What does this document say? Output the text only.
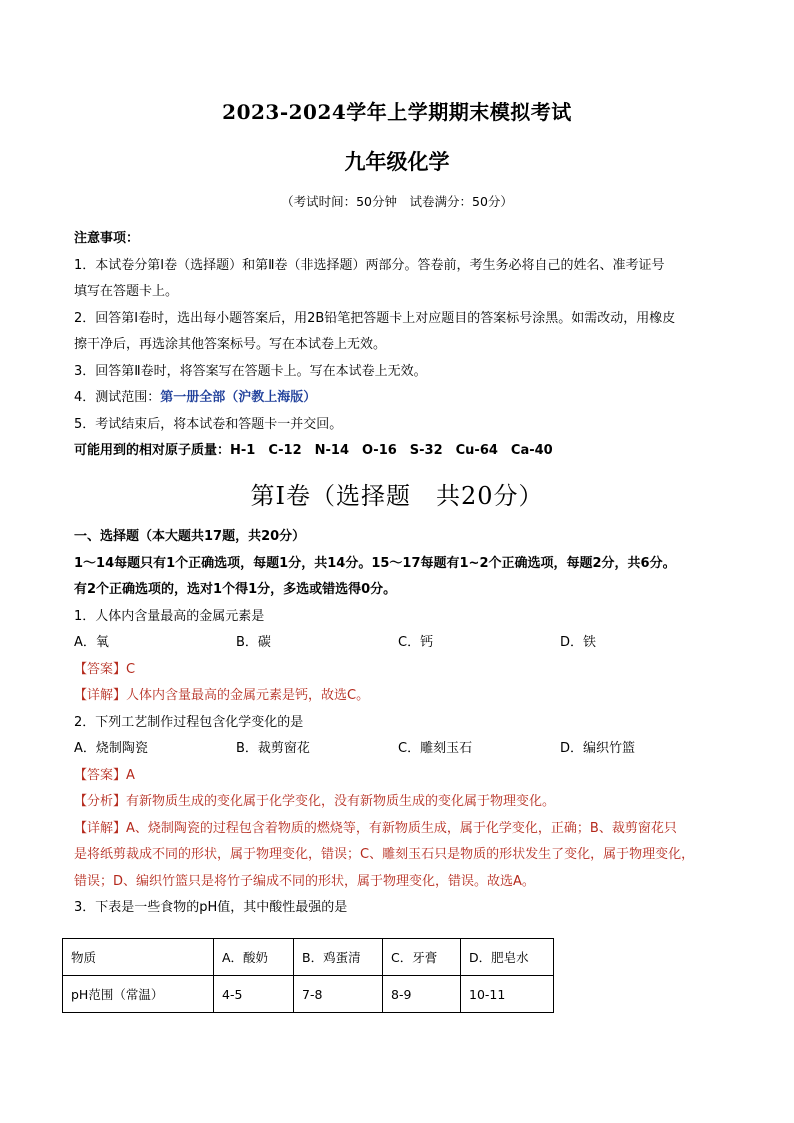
2023-2024学年上学期期末模拟考试
九年级化学
（考试时间：50分钟　试卷满分：50分）
注意事项：
1．本试卷分第Ⅰ卷（选择题）和第Ⅱ卷（非选择题）两部分。答卷前，考生务必将自己的姓名、准考证号
填写在答题卡上。
2．回答第Ⅰ卷时，选出每小题答案后，用2B铅笔把答题卡上对应题目的答案标号涂黑。如需改动，用橡皮
擦干净后，再选涂其他答案标号。写在本试卷上无效。
3．回答第Ⅱ卷时，将答案写在答题卡上。写在本试卷上无效。
4．测试范围：第一册全部（沪教上海版）
5．考试结束后，将本试卷和答题卡一并交回。
可能用到的相对原子质量：H-1　C-12　N-14　O-16　S-32　Cu-64　Ca-40
第Ⅰ卷（选择题　共20分）
一、选择题（本大题共17题，共20分）
1～14每题只有1个正确选项，每题1分，共14分。15～17每题有1~2个正确选项，每题2分，共6分。
有2个正确选项的，选对1个得1分，多选或错选得0分。
1．人体内含量最高的金属元素是
A．氧	B．碳	C．钙	D．铁
【答案】C
【详解】人体内含量最高的金属元素是钙，故选C。
2．下列工艺制作过程包含化学变化的是
A．烧制陶瓷	B．裁剪窗花	C．雕刻玉石	D．编织竹篮
【答案】A
【分析】有新物质生成的变化属于化学变化，没有新物质生成的变化属于物理变化。
【详解】A、烧制陶瓷的过程包含着物质的燃烧等，有新物质生成，属于化学变化，正确；B、裁剪窗花只
是将纸剪裁成不同的形状，属于物理变化，错误；C、雕刻玉石只是物质的形状发生了变化，属于物理变化，
错误；D、编织竹篮只是将竹子编成不同的形状，属于物理变化，错误。故选A。
3．下表是一些食物的pH值，其中酸性最强的是
物质	A．酸奶	B．鸡蛋清	C．牙膏	D．肥皂水
pH范围（常温）	4-5	7-8	8-9	10-11
